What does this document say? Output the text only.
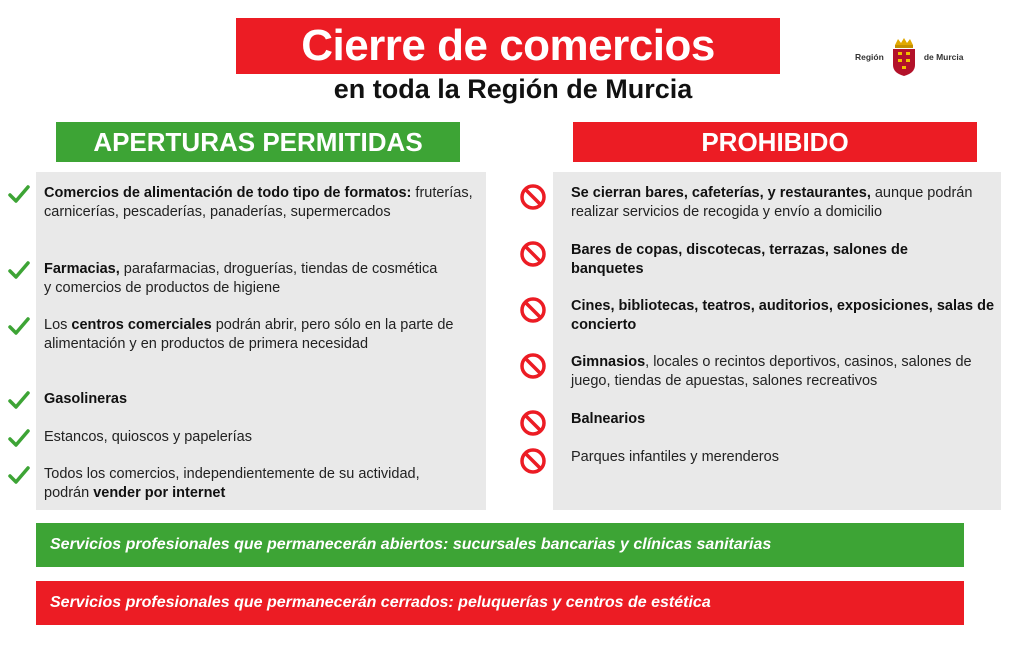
Cierre de comercios
en toda la Región de Murcia
Región	de Murcia
APERTURAS PERMITIDAS	PROHIBIDO
Comercios de alimentación de todo tipo de formatos: fruterías, carnicerías, pescaderías, panaderías, supermercados
Farmacias, parafarmacias, droguerías, tiendas de cosmética y comercios de productos de higiene
Los centros comerciales podrán abrir, pero sólo en la parte de alimentación y en productos de primera necesidad
Gasolineras
Estancos, quioscos y papelerías
Todos los comercios, independientemente de su actividad, podrán vender por internet
Se cierran bares, cafeterías, y restaurantes, aunque podrán realizar servicios de recogida y envío a domicilio
Bares de copas, discotecas, terrazas, salones de banquetes
Cines, bibliotecas, teatros, auditorios, exposiciones, salas de concierto
Gimnasios, locales o recintos deportivos, casinos, salones de juego, tiendas de apuestas, salones recreativos
Balnearios
Parques infantiles y merenderos
Servicios profesionales que permanecerán abiertos: sucursales bancarias y clínicas sanitarias
Servicios profesionales que permanecerán cerrados: peluquerías y centros de estética
